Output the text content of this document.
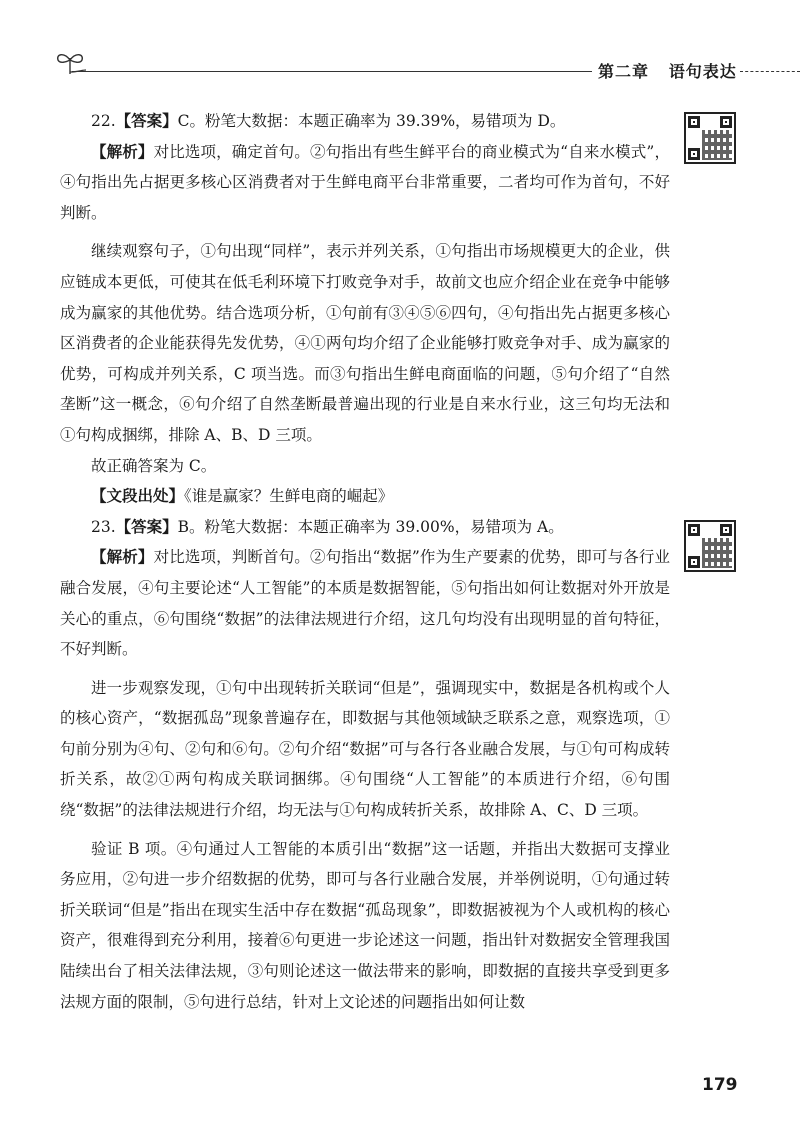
第二章 语句表达

22.【答案】C。粉笔大数据：本题正确率为 39.39%，易错项为 D。

【解析】对比选项，确定首句。②句指出有些生鲜平台的商业模式为“自来水模式”，④句指出先占据更多核心区消费者对于生鲜电商平台非常重要，二者均可作为首句，不好判断。

继续观察句子，①句出现“同样”，表示并列关系，①句指出市场规模更大的企业，供应链成本更低，可使其在低毛利环境下打败竞争对手，故前文也应介绍企业在竞争中能够成为赢家的其他优势。结合选项分析，①句前有③④⑤⑥四句，④句指出先占据更多核心区消费者的企业能获得先发优势，④①两句均介绍了企业能够打败竞争对手、成为赢家的优势，可构成并列关系，C 项当选。而③句指出生鲜电商面临的问题，⑤句介绍了“自然垄断”这一概念，⑥句介绍了自然垄断最普遍出现的行业是自来水行业，这三句均无法和①句构成捆绑，排除 A、B、D 三项。

故正确答案为 C。

【文段出处】《谁是赢家？生鲜电商的崛起》

23.【答案】B。粉笔大数据：本题正确率为 39.00%，易错项为 A。

【解析】对比选项，判断首句。②句指出“数据”作为生产要素的优势，即可与各行业融合发展，④句主要论述“人工智能”的本质是数据智能，⑤句指出如何让数据对外开放是关心的重点，⑥句围绕“数据”的法律法规进行介绍，这几句均没有出现明显的首句特征，不好判断。

进一步观察发现，①句中出现转折关联词“但是”，强调现实中，数据是各机构或个人的核心资产，“数据孤岛”现象普遍存在，即数据与其他领域缺乏联系之意，观察选项，①句前分别为④句、②句和⑥句。②句介绍“数据”可与各行各业融合发展，与①句可构成转折关系，故②①两句构成关联词捆绑。④句围绕“人工智能”的本质进行介绍，⑥句围绕“数据”的法律法规进行介绍，均无法与①句构成转折关系，故排除 A、C、D 三项。

验证 B 项。④句通过人工智能的本质引出“数据”这一话题，并指出大数据可支撑业务应用，②句进一步介绍数据的优势，即可与各行业融合发展，并举例说明，①句通过转折关联词“但是”指出在现实生活中存在数据“孤岛现象”，即数据被视为个人或机构的核心资产，很难得到充分利用，接着⑥句更进一步论述这一问题，指出针对数据安全管理我国陆续出台了相关法律法规，③句则论述这一做法带来的影响，即数据的直接共享受到更多法规方面的限制，⑤句进行总结，针对上文论述的问题指出如何让数

179
